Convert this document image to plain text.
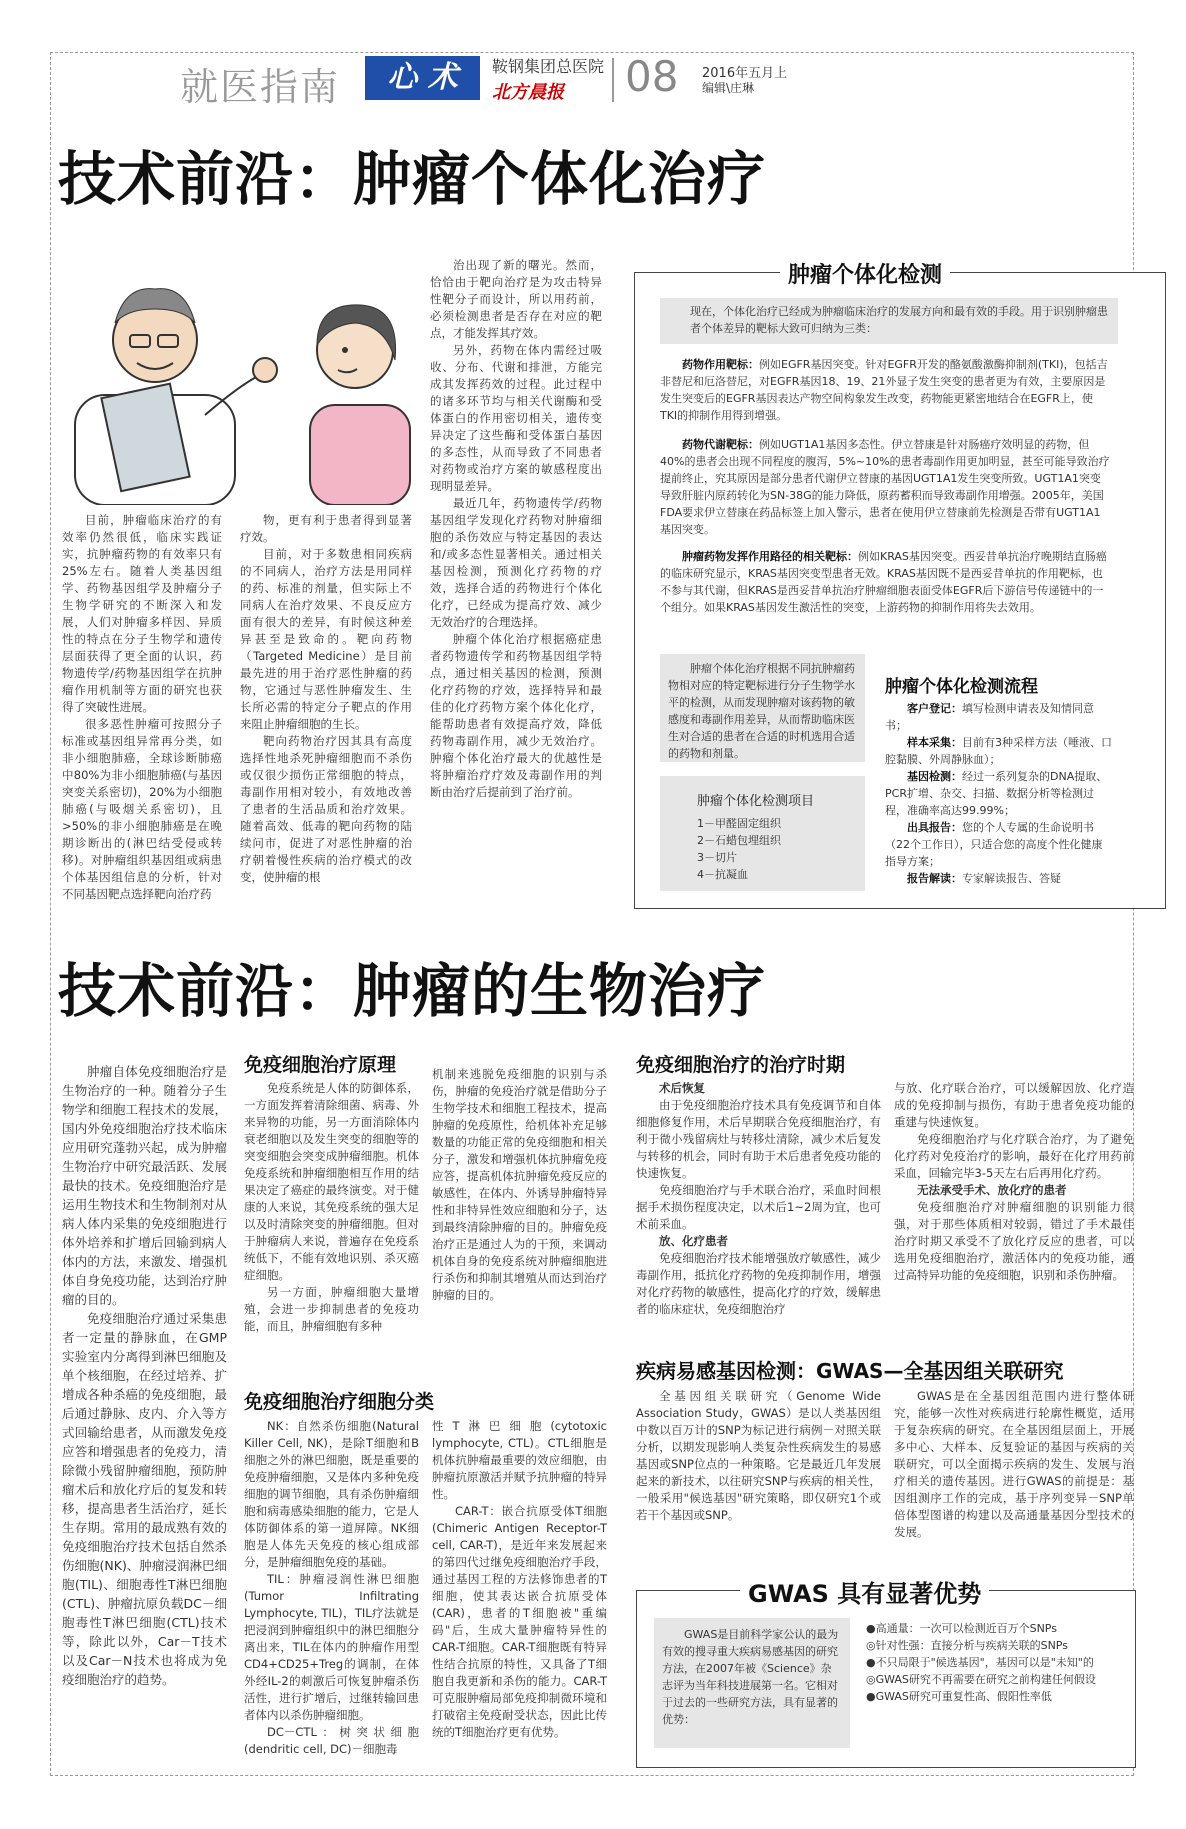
就医指南	心 术	鞍钢集团总医院
北方晨报 08 2016年五月上
编辑\庄琳
技术前沿：肿瘤个体化治疗

目前，肿瘤临床治疗的有效率仍然很低，临床实践证实，抗肿瘤药物的有效率只有25%左右。随着人类基因组学、药物基因组学及肿瘤分子生物学研究的不断深入和发展，人们对肿瘤多样因、异质性的特点在分子生物学和遗传层面获得了更全面的认识，药物遗传学/药物基因组学在抗肿瘤作用机制等方面的研究也获得了突破性进展。

很多恶性肿瘤可按照分子标准或基因组异常再分类，如非小细胞肺癌，全球诊断肺癌中80%为非小细胞肺癌(与基因突变关系密切)，20%为小细胞肺癌(与吸烟关系密切)，且>50%的非小细胞肺癌是在晚期诊断出的(淋巴结受侵或转移)。对肿瘤组织基因组或病患个体基因组信息的分析，针对不同基因靶点选择靶向治疗药

物，更有利于患者得到显著疗效。

目前，对于多数患相同疾病的不同病人，治疗方法是用同样的药、标准的剂量，但实际上不同病人在治疗效果、不良反应方面有很大的差异，有时候这种差异甚至是致命的。靶向药物（Targeted Medicine）是目前最先进的用于治疗恶性肿瘤的药物，它通过与恶性肿瘤发生、生长所必需的特定分子靶点的作用来阻止肿瘤细胞的生长。

靶向药物治疗因其具有高度选择性地杀死肿瘤细胞而不杀伤或仅很少损伤正常细胞的特点，毒副作用相对较小，有效地改善了患者的生活品质和治疗效果。随着高效、低毒的靶向药物的陆续问市，促进了对恶性肿瘤的治疗朝着慢性疾病的治疗模式的改变，使肿瘤的根

治出现了新的曙光。然而，恰恰由于靶向治疗是为攻击特异性靶分子而设计，所以用药前，必须检测患者是否存在对应的靶点，才能发挥其疗效。

另外，药物在体内需经过吸收、分布、代谢和排泄，方能完成其发挥药效的过程。此过程中的诸多环节均与相关代谢酶和受体蛋白的作用密切相关，遗传变异决定了这些酶和受体蛋白基因的多态性，从而导致了不同患者对药物或治疗方案的敏感程度出现明显差异。

最近几年，药物遗传学/药物基因组学发现化疗药物对肿瘤细胞的杀伤效应与特定基因的表达和/或多态性显著相关。通过相关基因检测，预测化疗药物的疗效，选择合适的药物进行个体化化疗，已经成为提高疗效、减少无效治疗的合理选择。

肿瘤个体化治疗根据癌症患者药物遗传学和药物基因组学特点，通过相关基因的检测，预测化疗药物的疗效，选择特异和最佳的化疗药物方案个体化化疗，能帮助患者有效提高疗效，降低药物毒副作用，减少无效治疗。肿瘤个体化治疗最大的优越性是将肿瘤治疗疗效及毒副作用的判断由治疗后提前到了治疗前。

肿瘤个体化检测
现在，个体化治疗已经成为肿瘤临床治疗的发展方向和最有效的手段。用于识别肿瘤患者个体差异的靶标大致可归纳为三类：
药物作用靶标：例如EGFR基因突变。针对EGFR开发的酪氨酸激酶抑制剂(TKI)，包括吉非替尼和厄洛替尼，对EGFR基因18、19、21外显子发生突变的患者更为有效，主要原因是发生突变后的EGFR基因表达产物空间构象发生改变，药物能更紧密地结合在EGFR上，使TKI的抑制作用得到增强。
药物代谢靶标：例如UGT1A1基因多态性。伊立替康是针对肠癌疗效明显的药物，但40%的患者会出现不同程度的腹泻，5%~10%的患者毒副作用更加明显，甚至可能导致治疗提前终止，究其原因是部分患者代谢伊立替康的基因UGT1A1发生突变所致。UGT1A1突变导致肝脏内原药转化为SN-38G的能力降低，原药蓄积而导致毒副作用增强。2005年，美国FDA要求伊立替康在药品标签上加入警示，患者在使用伊立替康前先检测是否带有UGT1A1基因突变。
肿瘤药物发挥作用路径的相关靶标：例如KRAS基因突变。西妥昔单抗治疗晚期结直肠癌的临床研究显示，KRAS基因突变型患者无效。KRAS基因既不是西妥昔单抗的作用靶标，也不参与其代谢，但KRAS是西妥昔单抗治疗肿瘤细胞表面受体EGFR后下游信号传递链中的一个组分。如果KRAS基因发生激活性的突变，上游药物的抑制作用将失去效用。
肿瘤个体化治疗根据不同抗肿瘤药物相对应的特定靶标进行分子生物学水平的检测，从而发现肿瘤对该药物的敏感度和毒副作用差异，从而帮助临床医生对合适的患者在合适的时机选用合适的药物和剂量。
肿瘤个体化检测项目
1－甲醛固定组织
2－石蜡包埋组织
3－切片
4－抗凝血
肿瘤个体化检测流程
客户登记：填写检测申请表及知情同意书；
样本采集：目前有3种采样方法（唾液、口腔黏膜、外周静脉血）；
基因检测：经过一系列复杂的DNA提取、PCR扩增、杂交、扫描、数据分析等检测过程，准确率高达99.99%；
出具报告：您的个人专属的生命说明书（22个工作日），只适合您的高度个性化健康指导方案；
报告解读：专家解读报告、答疑
技术前沿：肿瘤的生物治疗

肿瘤自体免疫细胞治疗是生物治疗的一种。随着分子生物学和细胞工程技术的发展，国内外免疫细胞治疗技术临床应用研究蓬勃兴起，成为肿瘤生物治疗中研究最活跃、发展最快的技术。免疫细胞治疗是运用生物技术和生物制剂对从病人体内采集的免疫细胞进行体外培养和扩增后回输到病人体内的方法，来激发、增强机体自身免疫功能，达到治疗肿瘤的目的。

免疫细胞治疗通过采集患者一定量的静脉血，在GMP实验室内分离得到淋巴细胞及单个核细胞，在经过培养、扩增成各种杀癌的免疫细胞，最后通过静脉、皮内、介入等方式回输给患者，从而激发免疫应答和增强患者的免疫力，清除微小残留肿瘤细胞，预防肿瘤术后和放化疗后的复发和转移，提高患者生活治疗，延长生存期。常用的最成熟有效的免疫细胞治疗技术包括自然杀伤细胞(NK)、肿瘤浸润淋巴细胞(TIL)、细胞毒性T淋巴细胞(CTL)、肿瘤抗原负载DC－细胞毒性T淋巴细胞(CTL)技术等，除此以外，Car－T技术以及Car－N技术也将成为免疫细胞治疗的趋势。

免疫细胞治疗原理

免疫系统是人体的防御体系，一方面发挥着清除细菌、病毒、外来异物的功能，另一方面消除体内衰老细胞以及发生突变的细胞等的突变细胞会突变成肿瘤细胞。机体免疫系统和肿瘤细胞相互作用的结果决定了癌症的最终演变。对于健康的人来说，其免疫系统的强大足以及时清除突变的肿瘤细胞。但对于肿瘤病人来说，普遍存在免疫系统低下，不能有效地识别、杀灭癌症细胞。

另一方面，肿瘤细胞大量增殖，会进一步抑制患者的免疫功能，而且，肿瘤细胞有多种

机制来逃脱免疫细胞的识别与杀伤，肿瘤的免疫治疗就是借助分子生物学技术和细胞工程技术，提高肿瘤的免疫原性，给机体补充足够数量的功能正常的免疫细胞和相关分子，激发和增强机体抗肿瘤免疫应答，提高机体抗肿瘤免疫反应的敏感性，在体内、外诱导肿瘤特异性和非特异性效应细胞和分子，达到最终清除肿瘤的目的。肿瘤免疫治疗正是通过人为的干预，来调动机体自身的免疫系统对肿瘤细胞进行杀伤和抑制其增殖从而达到治疗肿瘤的目的。

免疫细胞治疗细胞分类

NK：自然杀伤细胞(Natural Killer Cell, NK)，是除T细胞和B细胞之外的淋巴细胞，既是重要的免疫肿瘤细胞，又是体内多种免疫细胞的调节细胞，具有杀伤肿瘤细胞和病毒感染细胞的能力，它是人体防御体系的第一道屏障。NK细胞是人体先天免疫的核心组成部分，是肿瘤细胞免疫的基础。

TIL：肿瘤浸润性淋巴细胞(Tumor Infiltrating Lymphocyte, TIL)，TIL疗法就是把浸润到肿瘤组织中的淋巴细胞分离出来，TIL在体内的肿瘤作用型CD4+CD25+Treg的调制，在体外经IL-2的刺激后可恢复肿瘤杀伤活性，进行扩增后，过继转输回患者体内以杀伤肿瘤细胞。

DC－CTL：树突状细胞(dendritic cell, DC)－细胞毒

性T淋巴细胞(cytotoxic lymphocyte, CTL)。CTL细胞是机体抗肿瘤最重要的效应细胞，由肿瘤抗原激活并赋予抗肿瘤的特异性。

CAR-T：嵌合抗原受体T细胞(Chimeric Antigen Receptor-T cell, CAR-T)，是近年来发展起来的第四代过继免疫细胞治疗手段，通过基因工程的方法修饰患者的T细胞，使其表达嵌合抗原受体(CAR)，患者的T细胞被"重编码"后，生成大量肿瘤特异性的CAR-T细胞。CAR-T细胞既有特异性结合抗原的特性，又具备了T细胞自我更新和杀伤的能力。CAR-T可克服肿瘤局部免疫抑制微环境和打破宿主免疫耐受状态，因此比传统的T细胞治疗更有优势。

免疫细胞治疗的治疗时期
术后恢复

由于免疫细胞治疗技术具有免疫调节和自体细胞修复作用，术后早期联合免疫细胞治疗，有利于微小残留病灶与转移灶清除，减少术后复发与转移的机会，同时有助于术后患者免疫功能的快速恢复。

免疫细胞治疗与手术联合治疗，采血时间根据手术损伤程度决定，以术后1~2周为宜，也可术前采血。

放、化疗患者

免疫细胞治疗技术能增强放疗敏感性，减少毒副作用，抵抗化疗药物的免疫抑制作用，增强对化疗药物的敏感性，提高化疗的疗效，缓解患者的临床症状，免疫细胞治疗

与放、化疗联合治疗，可以缓解因放、化疗造成的免疫抑制与损伤，有助于患者免疫功能的重建与快速恢复。

免疫细胞治疗与化疗联合治疗，为了避免化疗药对免疫治疗的影响，最好在化疗用药前采血，回输完毕3-5天左右后再用化疗药。

无法承受手术、放化疗的患者

免疫细胞治疗对肿瘤细胞的识别能力很强，对于那些体质相对较弱，错过了手术最佳治疗时期又承受不了放化疗反应的患者，可以选用免疫细胞治疗，激活体内的免疫功能，通过高特异功能的免疫细胞，识别和杀伤肿瘤。

疾病易感基因检测：GWAS—全基因组关联研究

全基因组关联研究（Genome Wide Association Study，GWAS）是以人类基因组中数以百万计的SNP为标记进行病例－对照关联分析，以期发现影响人类复杂性疾病发生的易感基因或SNP位点的一种策略。它是最近几年发展起来的新技术，以往研究SNP与疾病的相关性，一般采用"候选基因"研究策略，即仅研究1个或若干个基因或SNP。

GWAS是在全基因组范围内进行整体研究，能够一次性对疾病进行轮廓性概览，适用于复杂疾病的研究。在全基因组层面上，开展多中心、大样本、反复验证的基因与疾病的关联研究，可以全面揭示疾病的发生、发展与治疗相关的遗传基因。进行GWAS的前提是：基因组测序工作的完成，基于序列变异－SNP单倍体型图谱的构建以及高通量基因分型技术的发展。

GWAS 具有显著优势
GWAS是目前科学家公认的最为有效的搜寻重大疾病易感基因的研究方法，在2007年被《Science》杂志评为当年科技进展第一名。它相对于过去的一些研究方法，具有显著的优势：
●高通量：一次可以检测近百万个SNPs
◎针对性强：直接分析与疾病关联的SNPs
●不只局限于"候选基因"，基因可以是"未知"的
◎GWAS研究不再需要在研究之前构建任何假设
●GWAS研究可重复性高、假阳性率低
